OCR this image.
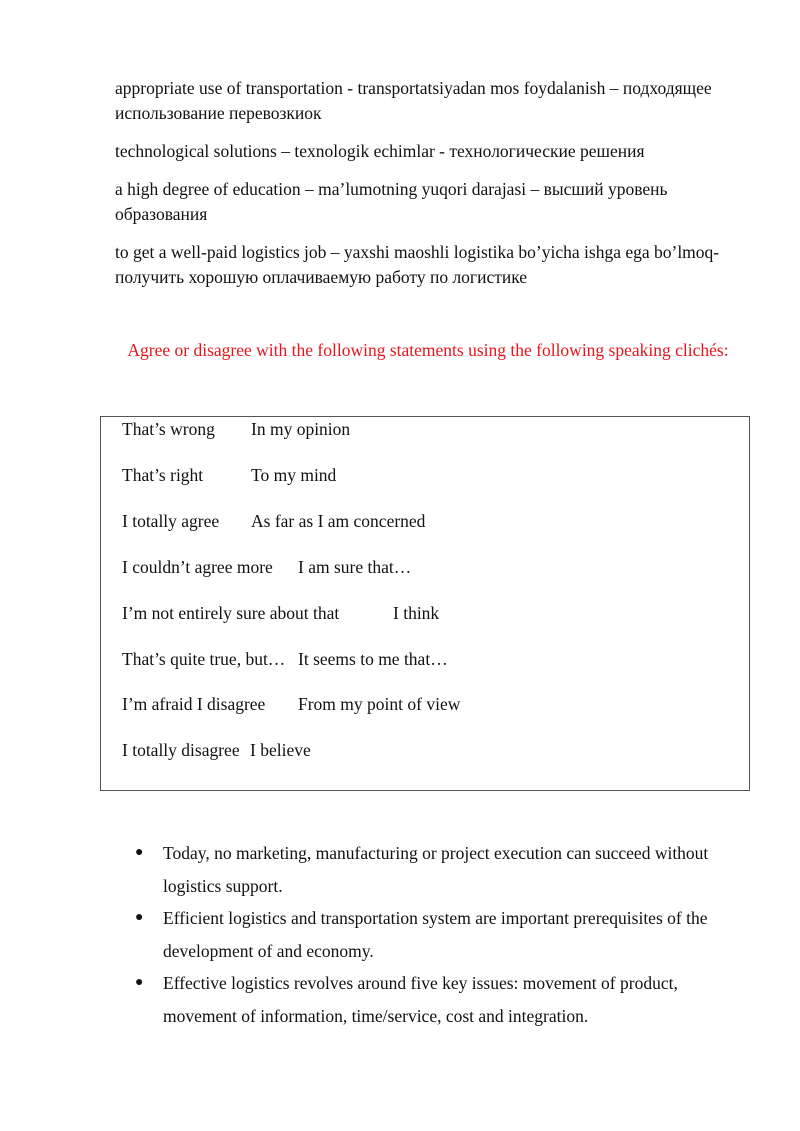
appropriate use of transportation - transportatsiyadan mos foydalanish – подходящее использование перевозкиок

technological solutions – texnologik echimlar - технологические решения

a high degree of education – ma’lumotning yuqori darajasi – высший уровень образования

to get a well-paid logistics job – yaxshi maoshli logistika bo’yicha ishga ega bo’lmoq- получить хорошую оплачиваемую работу по логистике

Agree or disagree with the following statements using the following speaking clichés:

That’s wrong In my opinion
That’s right	To my mind
I totally agree As far as I am concerned
I couldn’t agree more I am sure that…
I’m not entirely sure about that	I think
That’s quite true, but… It seems to me that…
I’m afraid I disagree From my point of view
I totally disagree I believe
● Today, no marketing, manufacturing or project execution can succeed without logistics support.
● Efficient logistics and transportation system are important prerequisites of the development of and economy.
● Effective logistics revolves around five key issues: movement of product, movement of information, time/service, cost and integration.
